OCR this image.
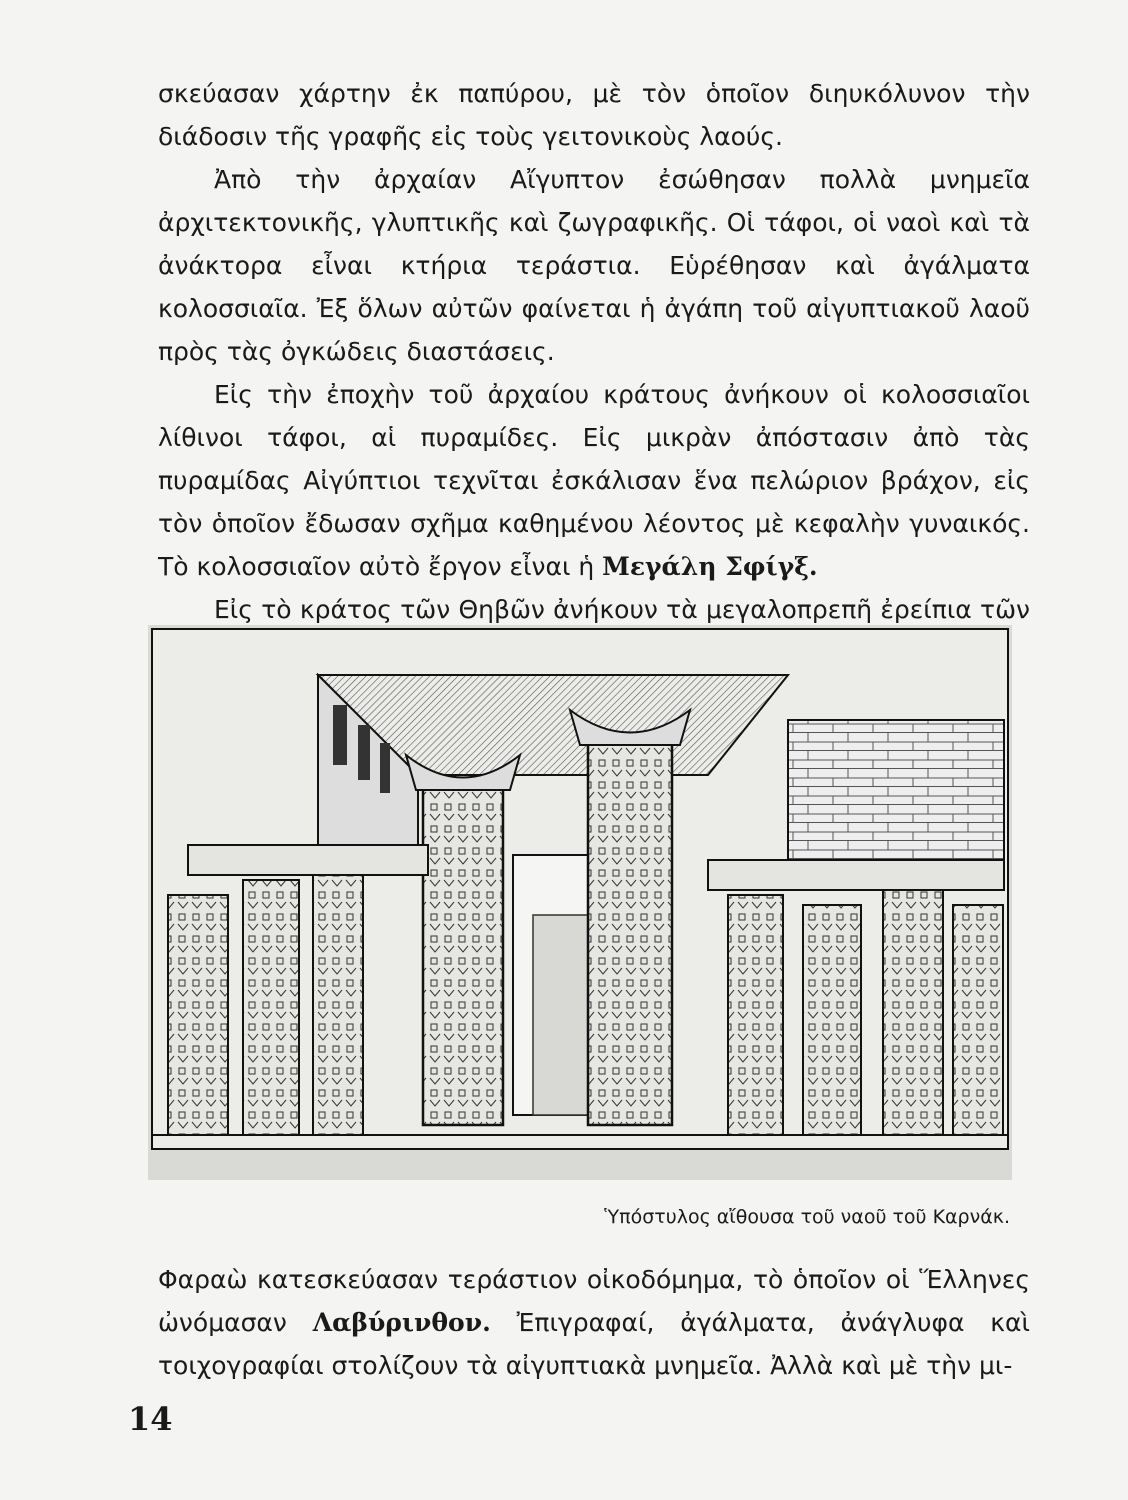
σκεύασαν χάρτην ἐκ παπύρου, μὲ τὸν ὁποῖον διηυκόλυνον τὴν διάδοσιν τῆς γραφῆς εἰς τοὺς γειτονικοὺς λαούς.

Ἀπὸ τὴν ἀρχαίαν Αἴγυπτον ἐσώθησαν πολλὰ μνημεῖα ἀρχιτεκτονικῆς, γλυπτικῆς καὶ ζωγραφικῆς. Οἱ τάφοι, οἱ ναοὶ καὶ τὰ ἀνάκτορα εἶναι κτήρια τεράστια. Εὑρέθησαν καὶ ἀγάλματα κολοσσιαῖα. Ἐξ ὅλων αὐτῶν φαίνεται ἡ ἀγάπη τοῦ αἰγυπτιακοῦ λαοῦ πρὸς τὰς ὀγκώδεις διαστάσεις.

Εἰς τὴν ἐποχὴν τοῦ ἀρχαίου κράτους ἀνήκουν οἱ κολοσσιαῖοι λίθινοι τάφοι, αἱ πυραμίδες. Εἰς μικρὰν ἀπόστασιν ἀπὸ τὰς πυραμίδας Αἰγύπτιοι τεχνῖται ἐσκάλισαν ἕνα πελώριον βράχον, εἰς τὸν ὁποῖον ἔδωσαν σχῆμα καθημένου λέοντος μὲ κεφαλὴν γυναικός. Τὸ κολοσσιαῖον αὐτὸ ἔργον εἶναι ἡ Μεγάλη Σφίγξ.

Εἰς τὸ κράτος τῶν Θηβῶν ἀνήκουν τὰ μεγαλοπρεπῆ ἐρείπια τῶν

Ὑπόστυλος αἴθουσα τοῦ ναοῦ τοῦ Καρνάκ.

Φαραὼ κατεσκεύασαν τεράστιον οἰκοδόμημα, τὸ ὁποῖον οἱ Ἕλληνες ὠνόμασαν Λαβύρινθον. Ἐπιγραφαί, ἀγάλματα, ἀνάγλυφα καὶ τοιχογραφίαι στολίζουν τὰ αἰγυπτιακὰ μνημεῖα. Ἀλλὰ καὶ μὲ τὴν μι-

14
